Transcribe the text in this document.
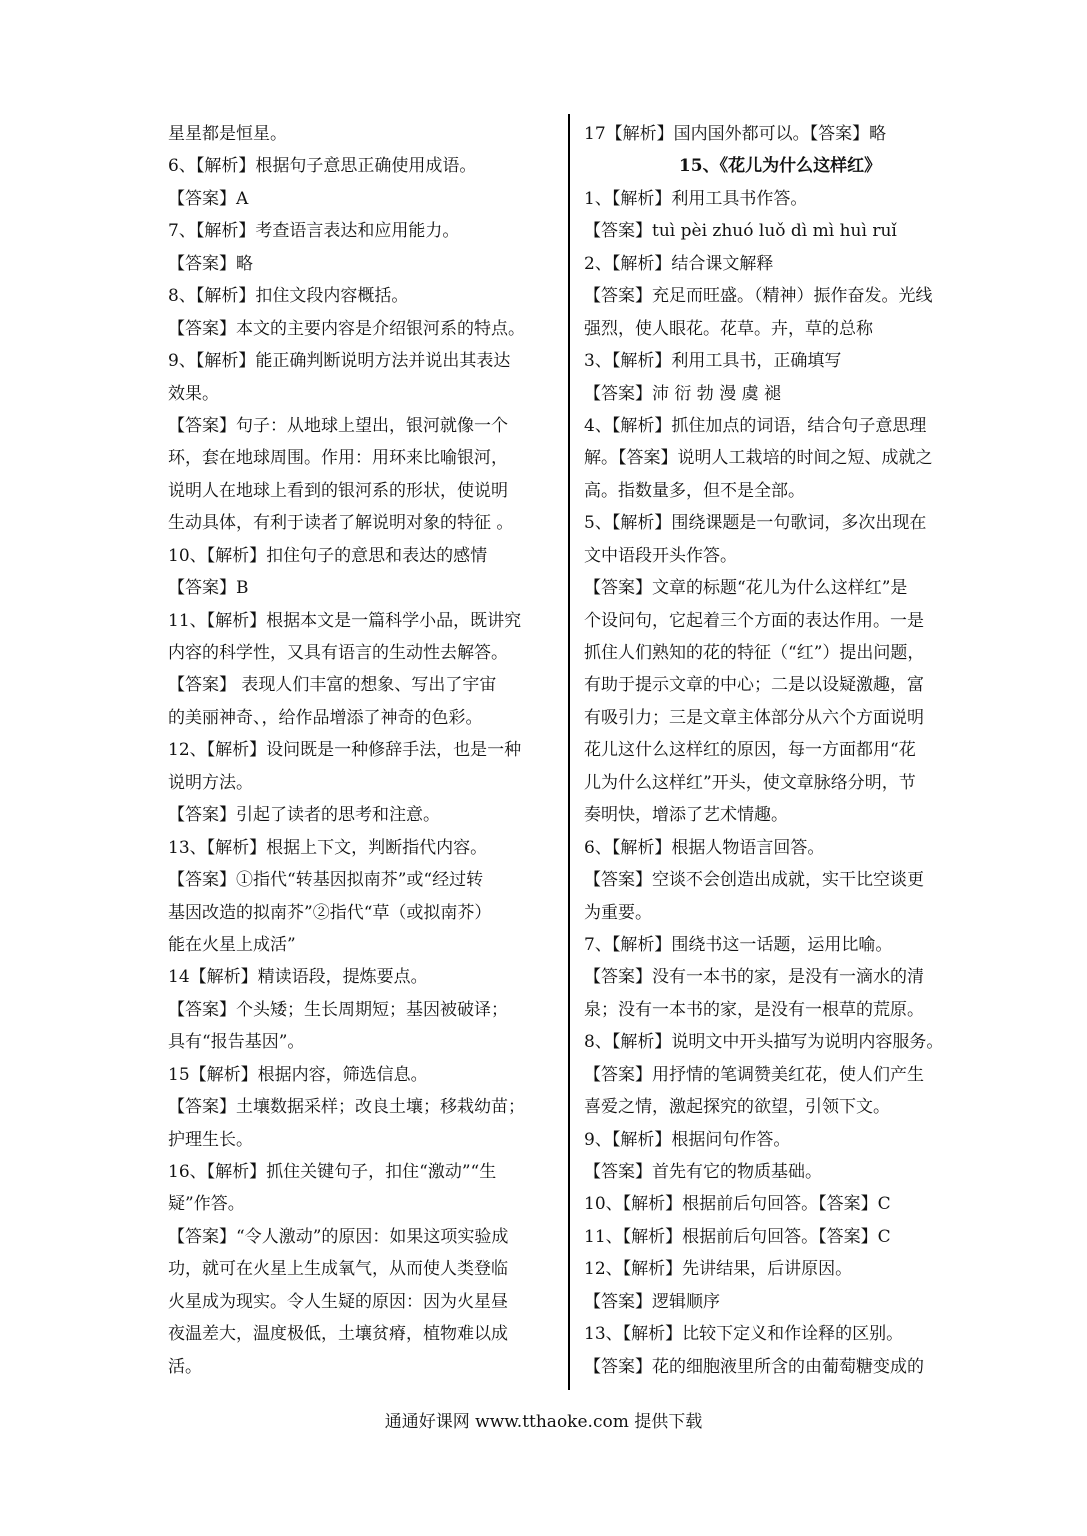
星星都是恒星。
6、【解析】根据句子意思正确使用成语。
【答案】A
7、【解析】考查语言表达和应用能力。
【答案】略
8、【解析】扣住文段内容概括。
【答案】本文的主要内容是介绍银河系的特点。
9、【解析】能正确判断说明方法并说出其表达
效果。
【答案】句子：从地球上望出，银河就像一个
环，套在地球周围。作用：用环来比喻银河，
说明人在地球上看到的银河系的形状，使说明
生动具体，有利于读者了解说明对象的特征 。
10、【解析】扣住句子的意思和表达的感情
【答案】B
11、【解析】根据本文是一篇科学小品，既讲究
内容的科学性，又具有语言的生动性去解答。
【答案】 表现人们丰富的想象、写出了宇宙
的美丽神奇、，给作品增添了神奇的色彩。
12、【解析】设问既是一种修辞手法，也是一种
说明方法。
【答案】引起了读者的思考和注意。
13、【解析】根据上下文，判断指代内容。
【答案】①指代“转基因拟南芥”或“经过转
基因改造的拟南芥”②指代“草（或拟南芥）
能在火星上成活”
14【解析】精读语段，提炼要点。
【答案】个头矮；生长周期短；基因被破译；
具有“报告基因”。
15【解析】根据内容，筛选信息。
【答案】土壤数据采样；改良土壤；移栽幼苗；
护理生长。
16、【解析】抓住关键句子，扣住“激动”“生
疑”作答。
【答案】“令人激动”的原因：如果这项实验成
功，就可在火星上生成氧气，从而使人类登临
火星成为现实。令人生疑的原因：因为火星昼
夜温差大，温度极低，土壤贫瘠，植物难以成
活。
17【解析】国内国外都可以。【答案】略
15、《花儿为什么这样红》
1、【解析】利用工具书作答。
【答案】tuì pèi zhuó luǒ dì mì huì ruǐ
2、【解析】结合课文解释
【答案】充足而旺盛。（精神）振作奋发。光线
强烈，使人眼花。花草。卉，草的总称
3、【解析】利用工具书，正确填写
【答案】沛 衍 勃 漫 虞 褪
4、【解析】抓住加点的词语，结合句子意思理
解。【答案】说明人工栽培的时间之短、成就之
高。指数量多，但不是全部。
5、【解析】围绕课题是一句歌词，多次出现在
文中语段开头作答。
【答案】文章的标题“花儿为什么这样红”是
个设问句，它起着三个方面的表达作用。一是
抓住人们熟知的花的特征（“红”）提出问题，
有助于提示文章的中心；二是以设疑激趣，富
有吸引力；三是文章主体部分从六个方面说明
花儿这什么这样红的原因，每一方面都用“花
儿为什么这样红”开头，使文章脉络分明，节
奏明快，增添了艺术情趣。
6、【解析】根据人物语言回答。
【答案】空谈不会创造出成就，实干比空谈更
为重要。
7、【解析】围绕书这一话题，运用比喻。
【答案】没有一本书的家，是没有一滴水的清
泉；没有一本书的家，是没有一根草的荒原。
8、【解析】说明文中开头描写为说明内容服务。
【答案】用抒情的笔调赞美红花，使人们产生
喜爱之情，激起探究的欲望，引领下文。
9、【解析】根据问句作答。
【答案】首先有它的物质基础。
10、【解析】根据前后句回答。【答案】C
11、【解析】根据前后句回答。【答案】C
12、【解析】先讲结果，后讲原因。
【答案】逻辑顺序
13、【解析】比较下定义和作诠释的区别。
【答案】花的细胞液里所含的由葡萄糖变成的
通通好课网 www.tthaoke.com 提供下载
